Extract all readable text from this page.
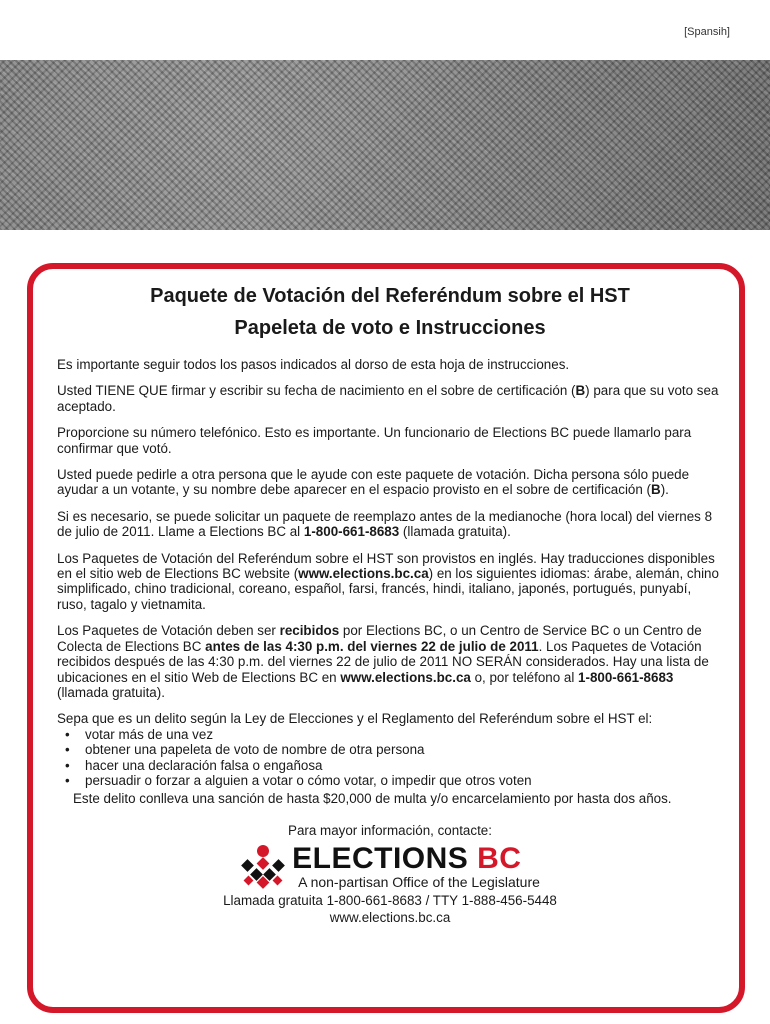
[Spansih]
Paquete de Votación del Referéndum sobre el HST
Papeleta de voto e Instrucciones

Es importante seguir todos los pasos indicados al dorso de esta hoja de instrucciones.

Usted TIENE QUE firmar y escribir su fecha de nacimiento en el sobre de certificación (B) para que su voto sea aceptado.

Proporcione su número telefónico. Esto es importante. Un funcionario de Elections BC puede llamarlo para confirmar que votó.

Usted puede pedirle a otra persona que le ayude con este paquete de votación. Dicha persona sólo puede ayudar a un votante, y su nombre debe aparecer en el espacio provisto en el sobre de certificación (B).

Si es necesario, se puede solicitar un paquete de reemplazo antes de la medianoche (hora local) del viernes 8 de julio de 2011. Llame a Elections BC al 1-800-661-8683 (llamada gratuita).

Los Paquetes de Votación del Referéndum sobre el HST son provistos en inglés. Hay traducciones disponibles en el sitio web de Elections BC website (www.elections.bc.ca) en los siguientes idiomas: árabe, alemán, chino simplificado, chino tradicional, coreano, español, farsi, francés, hindi, italiano, japonés, portugués, punyabí, ruso, tagalo y vietnamita.

Los Paquetes de Votación deben ser recibidos por Elections BC, o un Centro de Service BC o un Centro de Colecta de Elections BC antes de las 4:30 p.m. del viernes 22 de julio de 2011. Los Paquetes de Votación recibidos después de las 4:30 p.m. del viernes 22 de julio de 2011 NO SERÁN considerados. Hay una lista de ubicaciones en el sitio Web de Elections BC en www.elections.bc.ca o, por teléfono al 1-800-661-8683 (llamada gratuita).

Sepa que es un delito según la Ley de Elecciones y el Reglamento del Referéndum sobre el HST el:

• votar más de una vez
• obtener una papeleta de voto de nombre de otra persona
• hacer una declaración falsa o engañosa
• persuadir o forzar a alguien a votar o cómo votar, o impedir que otros voten

Este delito conlleva una sanción de hasta $20,000 de multa y/o encarcelamiento por hasta dos años.

Para mayor información, contacte:
ELECTIONS BC
A non-partisan Office of the Legislature
Llamada gratuita 1-800-661-8683 / TTY 1-888-456-5448
www.elections.bc.ca
